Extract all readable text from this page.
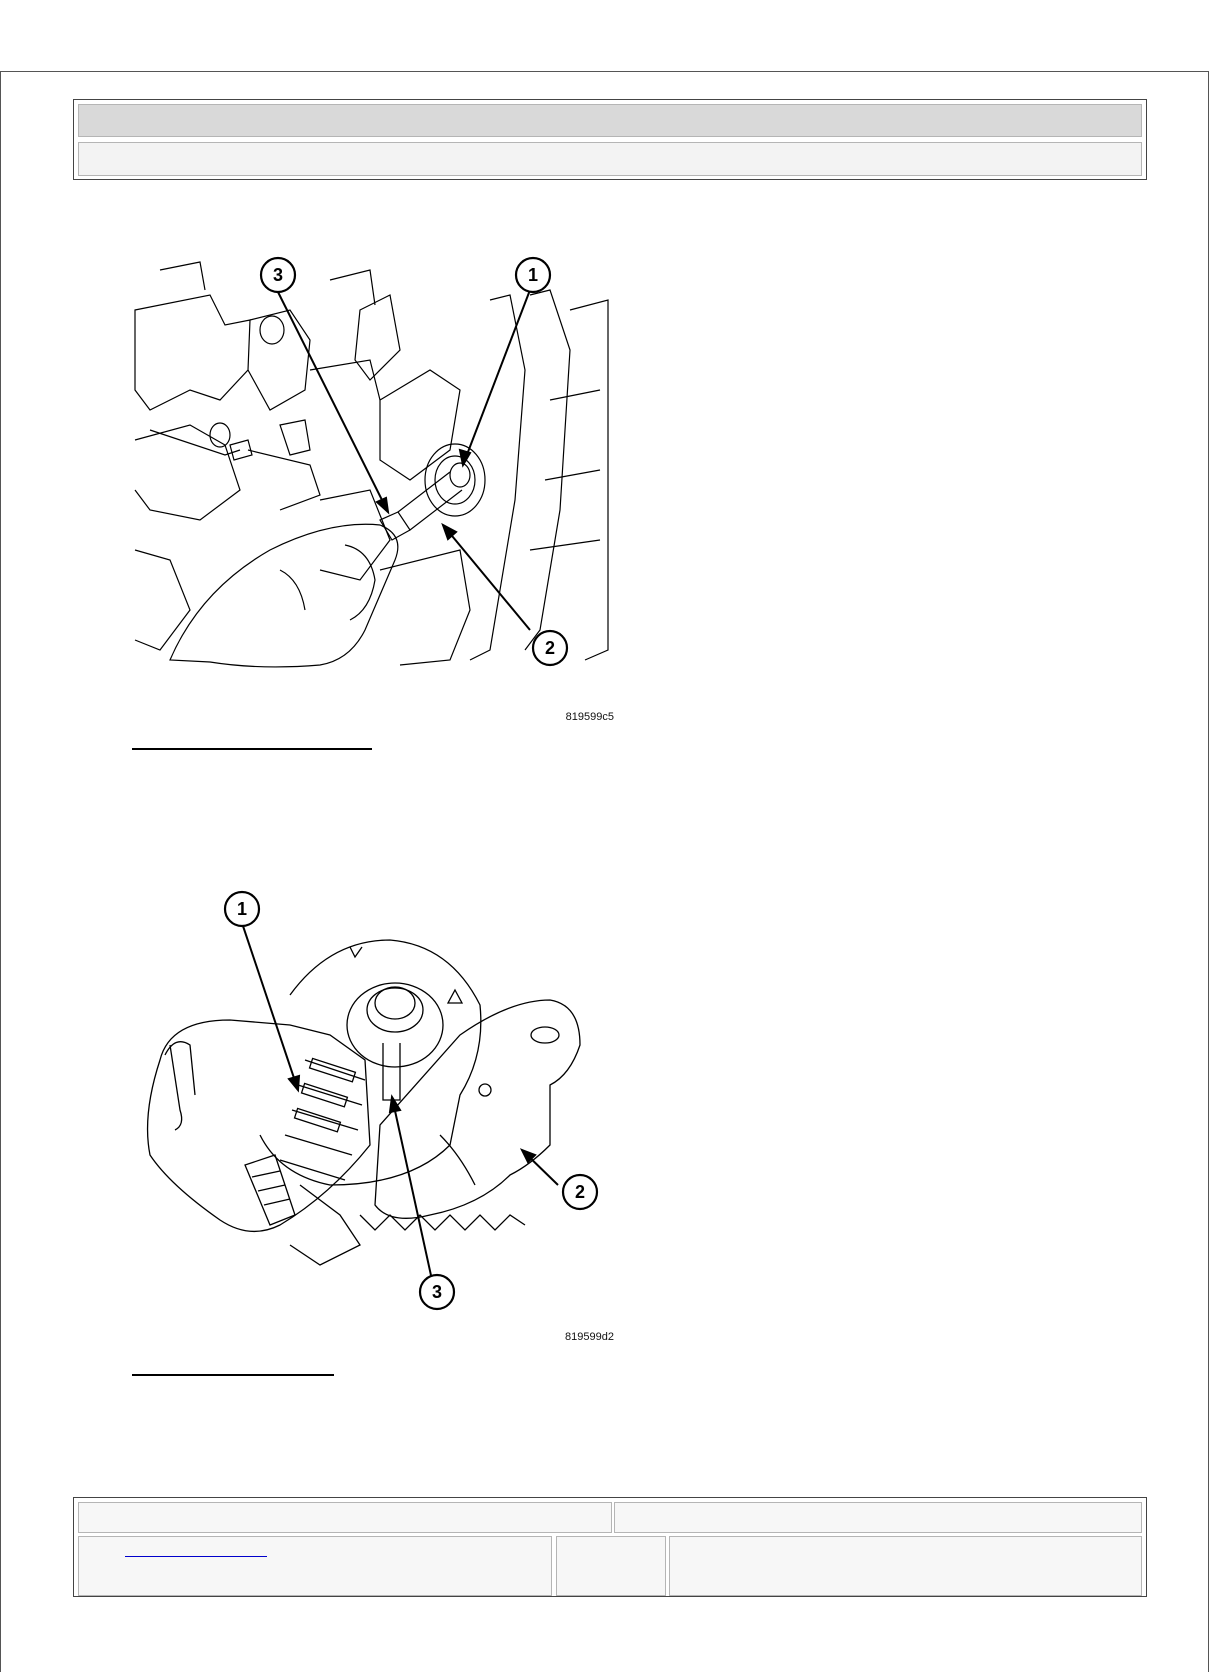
3	1
2
819599c5
1
2
3
819599d2
